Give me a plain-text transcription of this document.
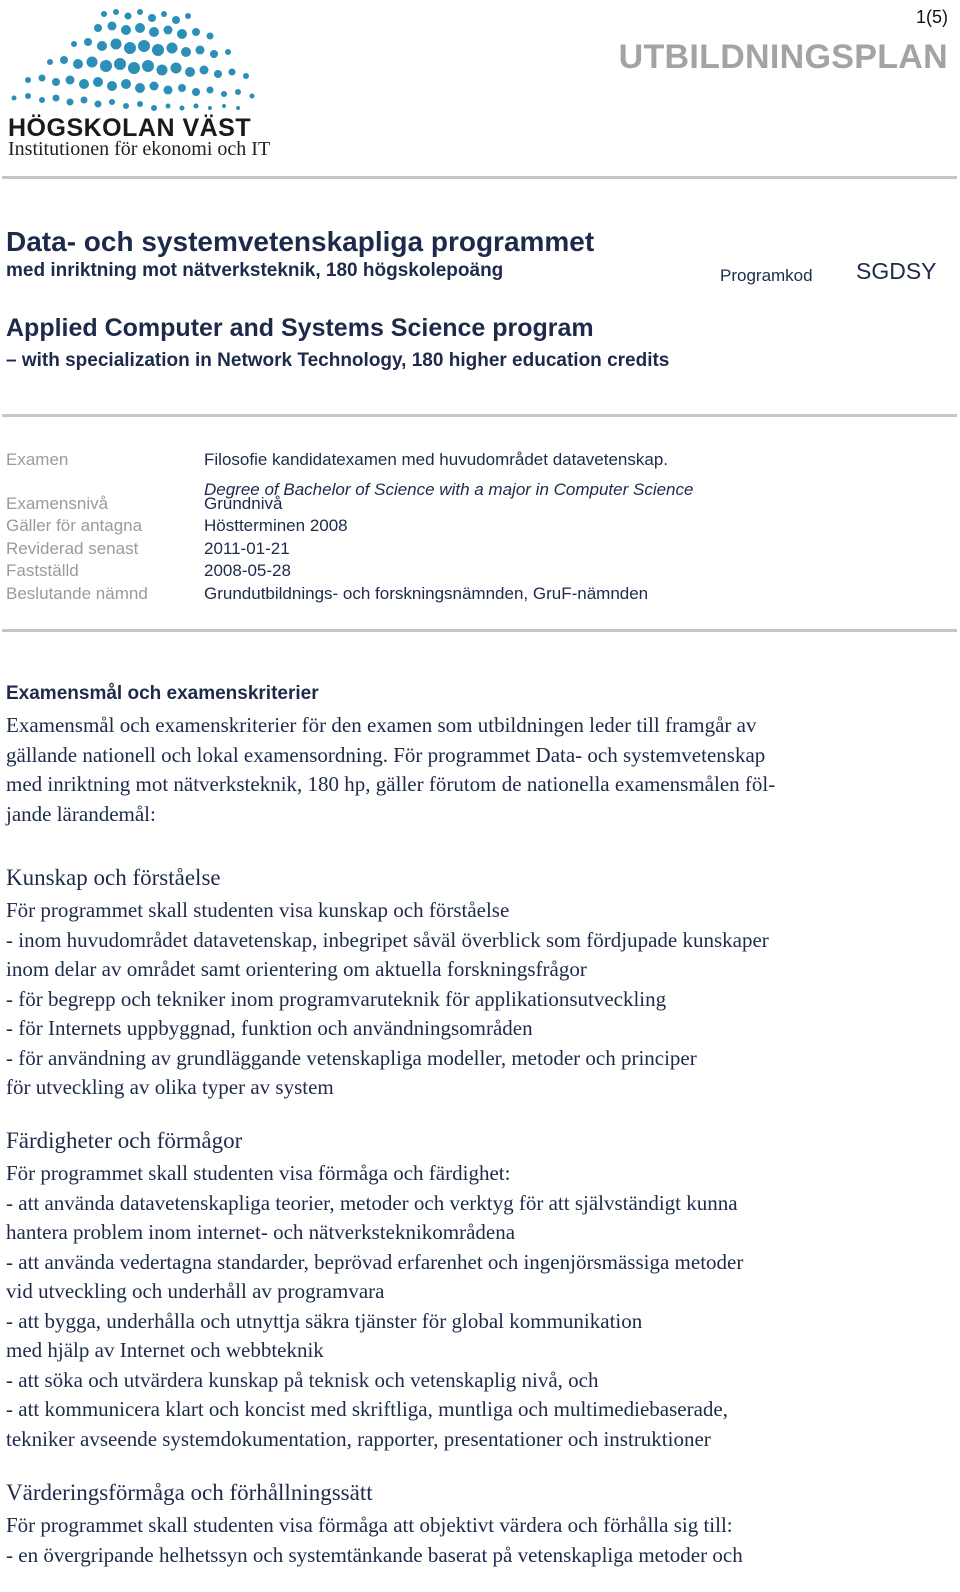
1(5)
UTBILDNINGSPLAN
HÖGSKOLAN VÄST
Institutionen för ekonomi och IT
Data- och systemvetenskapliga programmet
med inriktning mot nätverksteknik, 180 högskolepoäng	Programkod SGDSY
Applied Computer and Systems Science program
– with specialization in Network Technology, 180 higher education credits
Examen	Filosofie kandidatexamen med huvudområdet datavetenskap.
Degree of Bachelor of Science with a major in Computer Science
Examensnivå	Grundnivå
Gäller för antagna	Höstterminen 2008
Reviderad senast	2011-01-21
Fastställd	2008-05-28
Beslutande nämnd	Grundutbildnings- och forskningsnämnden, GruF-nämnden
Examensmål och examenskriterier
Examensmål och examenskriterier för den examen som utbildningen leder till framgår av
gällande nationell och lokal examensordning. För programmet Data- och systemvetenskap
med inriktning mot nätverksteknik, 180 hp, gäller förutom de nationella examensmålen föl-
jande lärandemål:
Kunskap och förståelse
För programmet skall studenten visa kunskap och förståelse
- inom huvudområdet datavetenskap, inbegripet såväl överblick som fördjupade kunskaper
inom delar av området samt orientering om aktuella forskningsfrågor
- för begrepp och tekniker inom programvaruteknik för applikationsutveckling
- för Internets uppbyggnad, funktion och användningsområden
- för användning av grundläggande vetenskapliga modeller, metoder och principer
för utveckling av olika typer av system
Färdigheter och förmågor
För programmet skall studenten visa förmåga och färdighet:
- att använda datavetenskapliga teorier, metoder och verktyg för att självständigt kunna
hantera problem inom internet- och nätverksteknikområdena
- att använda vedertagna standarder, beprövad erfarenhet och ingenjörsmässiga metoder
vid utveckling och underhåll av programvara
- att bygga, underhålla och utnyttja säkra tjänster för global kommunikation
med hjälp av Internet och webbteknik
- att söka och utvärdera kunskap på teknisk och vetenskaplig nivå, och
- att kommunicera klart och koncist med skriftliga, muntliga och multimediebaserade,
tekniker avseende systemdokumentation, rapporter, presentationer och instruktioner
Värderingsförmåga och förhållningssätt
För programmet skall studenten visa förmåga att objektivt värdera och förhålla sig till:
- en övergripande helhetssyn och systemtänkande baserat på vetenskapliga metoder och
